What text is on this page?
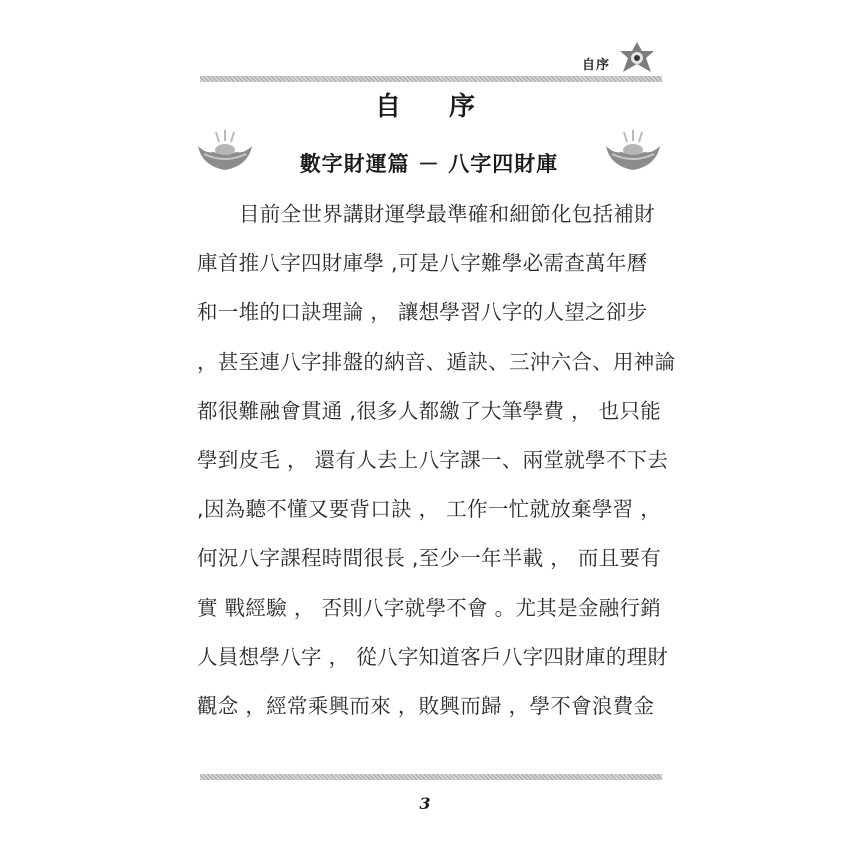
自序
自 序
數字財運篇 － 八字四財庫
目前全世界講財運學最準確和細節化包括補財
庫首推八字四財庫學 ,可是八字難學必需查萬年曆
和一堆的口訣理論 ， 讓想學習八字的人望之卻步
，甚至連八字排盤的納音、遁訣、三沖六合、用神論
都很難融會貫通 ,很多人都繳了大筆學費 ， 也只能
學到皮毛 ， 還有人去上八字課一、兩堂就學不下去
,因為聽不懂又要背口訣 ， 工作一忙就放棄學習 ，
何況八字課程時間很長 ,至少一年半載 ， 而且要有
實 戰經驗 ， 否則八字就學不會 。尤其是金融行銷
人員想學八字 ， 從八字知道客戶八字四財庫的理財
觀念 ，經常乘興而來 ，敗興而歸 ，學不會浪費金
3
